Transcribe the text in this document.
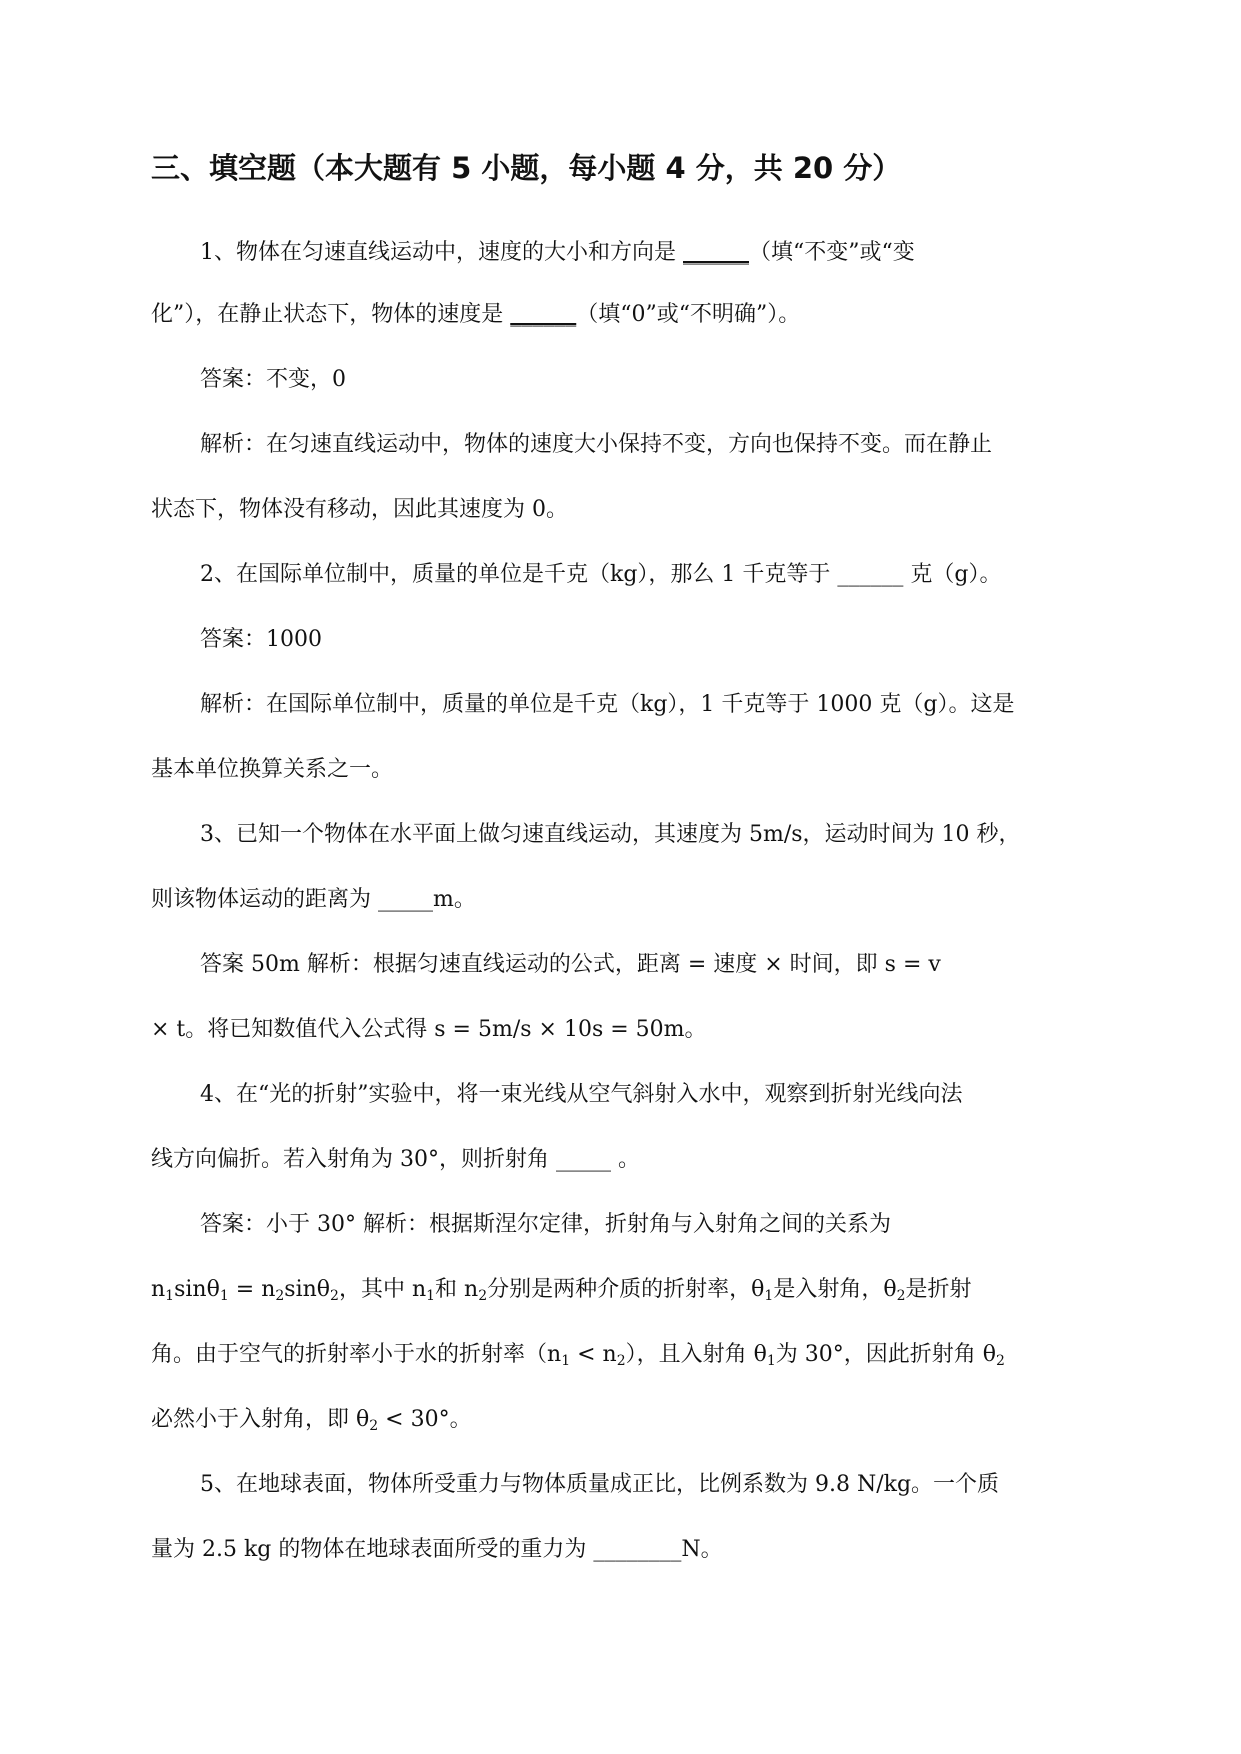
三、填空题（本大题有 5 小题，每小题 4 分，共 20 分）
1、物体在匀速直线运动中，速度的大小和方向是 ______（填“不变”或“变
化”），在静止状态下，物体的速度是 ______（填“0”或“不明确”）。
答案：不变，0
解析：在匀速直线运动中，物体的速度大小保持不变，方向也保持不变。而在静止
状态下，物体没有移动，因此其速度为 0。
2、在国际单位制中，质量的单位是千克（kg），那么 1 千克等于 ______ 克（g）。
答案：1000
解析：在国际单位制中，质量的单位是千克（kg），1 千克等于 1000 克（g）。这是
基本单位换算关系之一。
3、已知一个物体在水平面上做匀速直线运动，其速度为 5m/s，运动时间为 10 秒，
则该物体运动的距离为 _____m。
答案 50m 解析：根据匀速直线运动的公式，距离 = 速度 × 时间，即 s = v
× t。将已知数值代入公式得 s = 5m/s × 10s = 50m。
4、在“光的折射”实验中，将一束光线从空气斜射入水中，观察到折射光线向法
线方向偏折。若入射角为 30°，则折射角 _____ 。
答案：小于 30° 解析：根据斯涅尔定律，折射角与入射角之间的关系为
$n_1\sin\theta_1 = n_2\sin\theta_2$，其中 $n_1$和 $n_2$分别是两种介质的折射率，$\theta_1$是入射角，$\theta_2$是折射
角。由于空气的折射率小于水的折射率$(n_1 < n_2)$，且入射角 $\theta_1$为 30°，因此折射角 $\theta_2$
必然小于入射角，即 $\theta_2 < 30^\circ$。
5、在地球表面，物体所受重力与物体质量成正比，比例系数为 9.8 N/kg。一个质
量为 2.5 kg 的物体在地球表面所受的重力为 ________N。
